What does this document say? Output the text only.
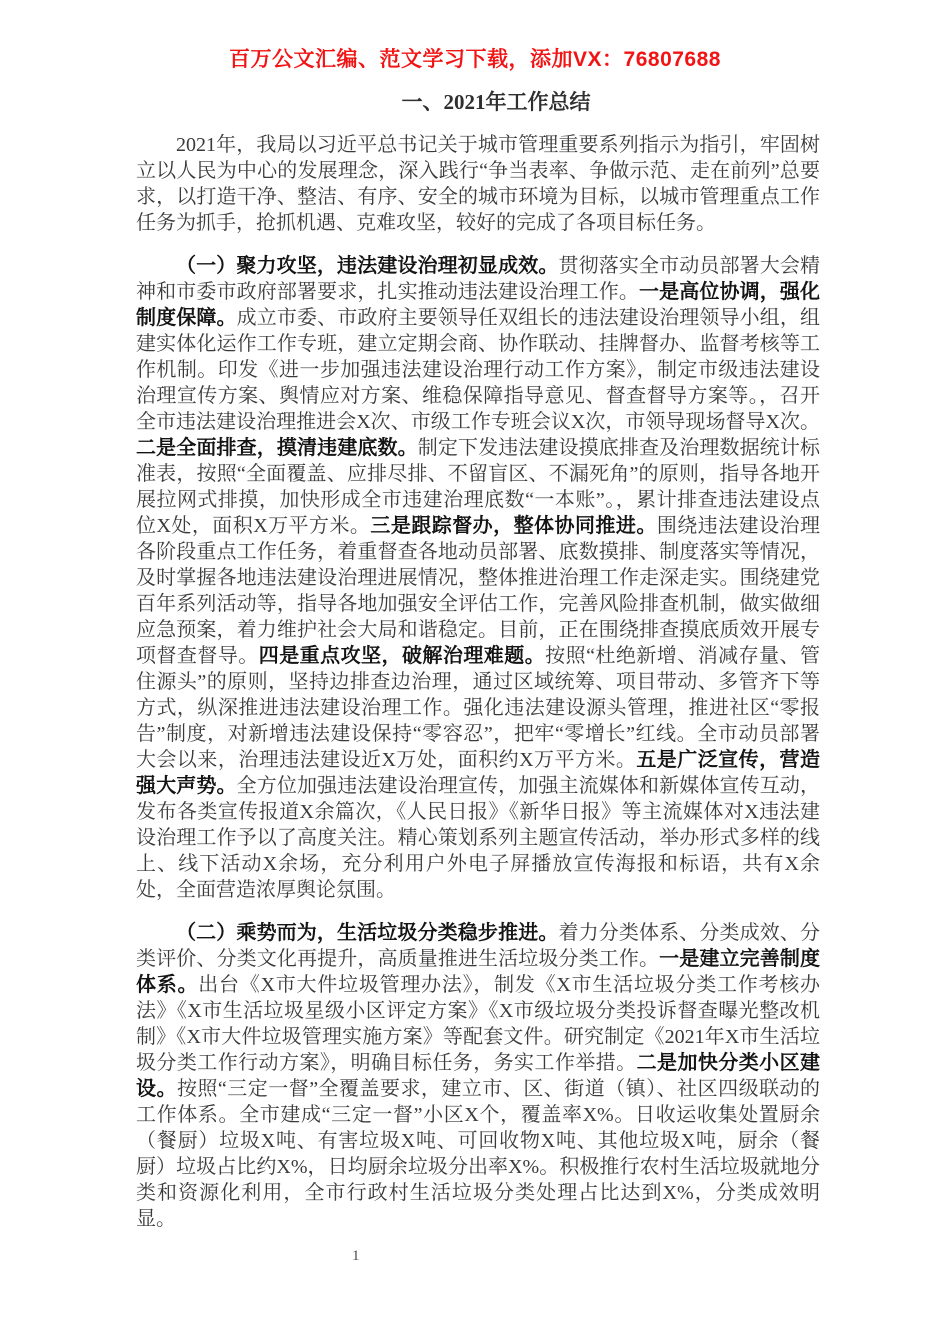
百万公文汇编、范文学习下载，添加VX：76807688
一、2021年工作总结

2021年，我局以习近平总书记关于城市管理重要系列指示为指引，牢固树立以人民为中心的发展理念，深入践行“争当表率、争做示范、走在前列”总要求，以打造干净、整洁、有序、安全的城市环境为目标，以城市管理重点工作任务为抓手，抢抓机遇、克难攻坚，较好的完成了各项目标任务。

（一）聚力攻坚，违法建设治理初显成效。贯彻落实全市动员部署大会精神和市委市政府部署要求，扎实推动违法建设治理工作。一是高位协调，强化制度保障。成立市委、市政府主要领导任双组长的违法建设治理领导小组，组建实体化运作工作专班，建立定期会商、协作联动、挂牌督办、监督考核等工作机制。印发《进一步加强违法建设治理行动工作方案》，制定市级违法建设治理宣传方案、舆情应对方案、维稳保障指导意见、督查督导方案等。，召开全市违法建设治理推进会X次、市级工作专班会议X次，市领导现场督导X次。二是全面排查，摸清违建底数。制定下发违法建设摸底排查及治理数据统计标准表，按照“全面覆盖、应排尽排、不留盲区、不漏死角”的原则，指导各地开展拉网式排摸，加快形成全市违建治理底数“一本账”。，累计排查违法建设点位X处，面积X万平方米。三是跟踪督办，整体协同推进。围绕违法建设治理各阶段重点工作任务，着重督查各地动员部署、底数摸排、制度落实等情况，及时掌握各地违法建设治理进展情况，整体推进治理工作走深走实。围绕建党百年系列活动等，指导各地加强安全评估工作，完善风险排查机制，做实做细应急预案，着力维护社会大局和谐稳定。目前，正在围绕排查摸底质效开展专项督查督导。四是重点攻坚，破解治理难题。按照“杜绝新增、消减存量、管住源头”的原则，坚持边排查边治理，通过区域统筹、项目带动、多管齐下等方式，纵深推进违法建设治理工作。强化违法建设源头管理，推进社区“零报告”制度，对新增违法建设保持“零容忍”，把牢“零增长”红线。全市动员部署大会以来，治理违法建设近X万处，面积约X万平方米。五是广泛宣传，营造强大声势。全方位加强违法建设治理宣传，加强主流媒体和新媒体宣传互动，发布各类宣传报道X余篇次，《人民日报》《新华日报》等主流媒体对X违法建设治理工作予以了高度关注。精心策划系列主题宣传活动，举办形式多样的线上、线下活动X余场，充分利用户外电子屏播放宣传海报和标语，共有X余处，全面营造浓厚舆论氛围。

（二）乘势而为，生活垃圾分类稳步推进。着力分类体系、分类成效、分类评价、分类文化再提升，高质量推进生活垃圾分类工作。一是建立完善制度体系。出台《X市大件垃圾管理办法》，制发《X市生活垃圾分类工作考核办法》《X市生活垃圾星级小区评定方案》《X市级垃圾分类投诉督查曝光整改机制》《X市大件垃圾管理实施方案》等配套文件。研究制定《2021年X市生活垃圾分类工作行动方案》，明确目标任务，务实工作举措。二是加快分类小区建设。按照“三定一督”全覆盖要求，建立市、区、街道（镇）、社区四级联动的工作体系。全市建成“三定一督”小区X个，覆盖率X%。日收运收集处置厨余（餐厨）垃圾X吨、有害垃圾X吨、可回收物X吨、其他垃圾X吨，厨余（餐厨）垃圾占比约X%，日均厨余垃圾分出率X%。积极推行农村生活垃圾就地分类和资源化利用，全市行政村生活垃圾分类处理占比达到X%，分类成效明显。

1
